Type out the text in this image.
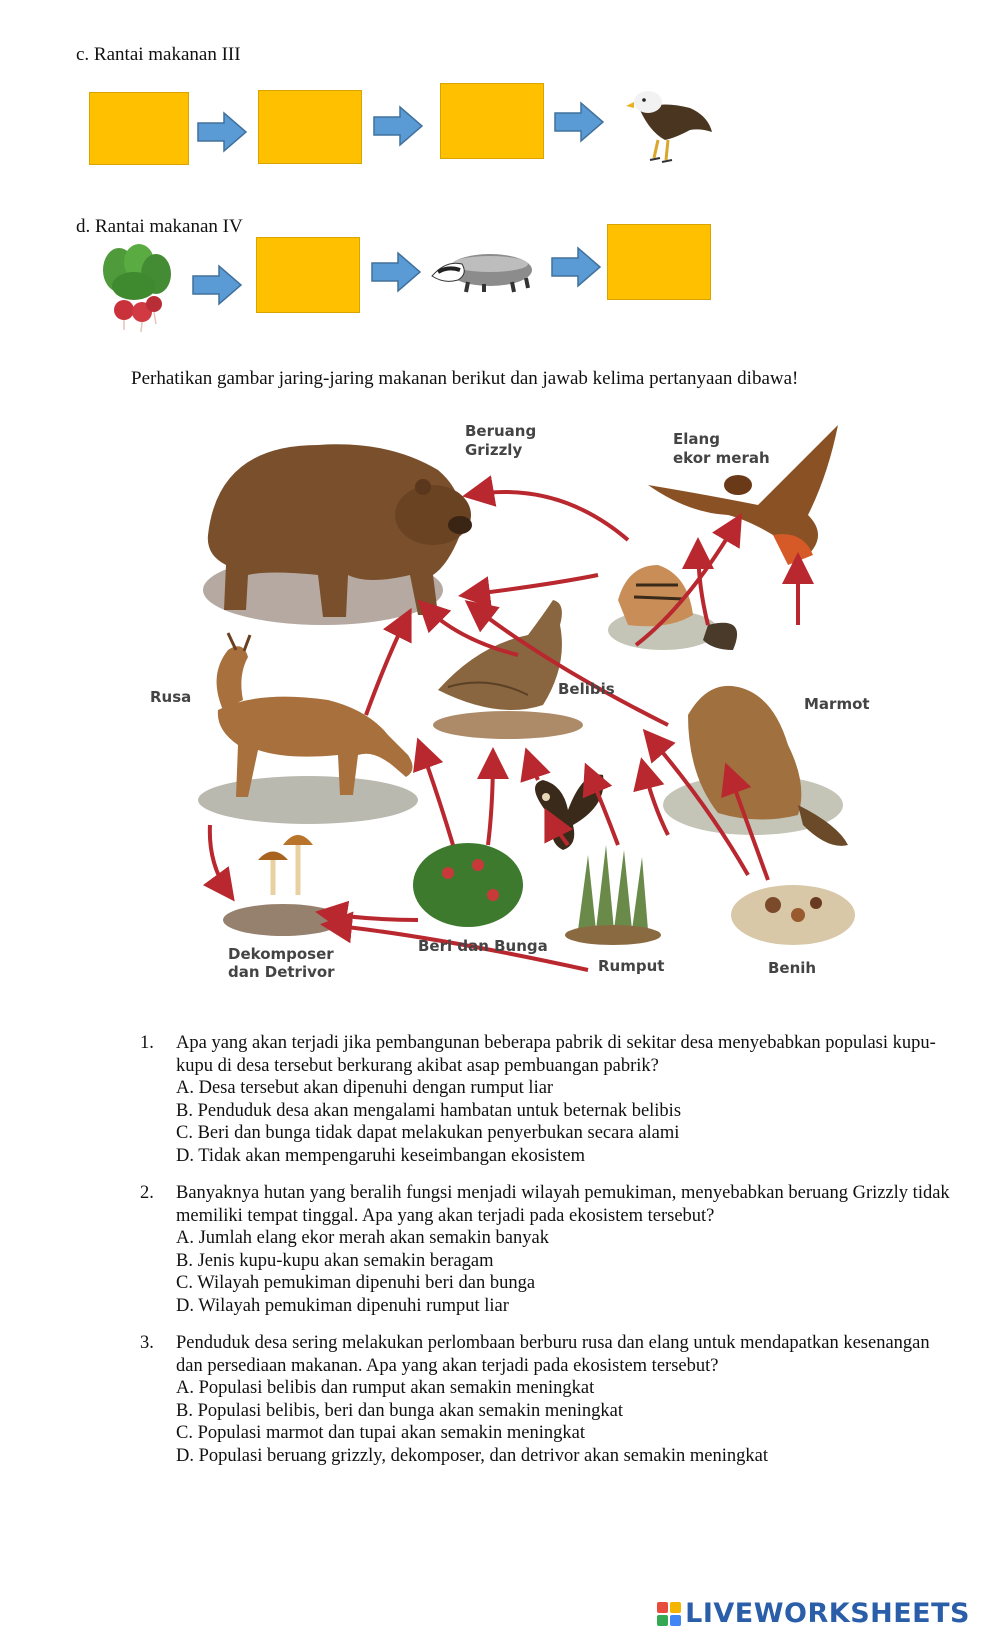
c. Rantai makanan III
d. Rantai makanan IV
Perhatikan gambar jaring-jaring makanan berikut dan jawab kelima pertanyaan dibawa!
Beruang
Grizzly
Elang
ekor merah
Rusa	Belibis
Marmot
Dekomposer
dan Detrivor
Beri dan Bunga
Rumput	Benih
1. Apa yang akan terjadi jika pembangunan beberapa pabrik di sekitar desa menyebabkan populasi kupu-kupu di desa tersebut berkurang akibat asap pembuangan pabrik?
A. Desa tersebut akan dipenuhi dengan rumput liar
B. Penduduk desa akan mengalami hambatan untuk beternak belibis
C. Beri dan bunga tidak dapat melakukan penyerbukan secara alami
D. Tidak akan mempengaruhi keseimbangan ekosistem
2. Banyaknya hutan yang beralih fungsi menjadi wilayah pemukiman, menyebabkan beruang Grizzly tidak memiliki tempat tinggal. Apa yang akan terjadi pada ekosistem tersebut?
A. Jumlah elang ekor merah akan semakin banyak
B. Jenis kupu-kupu akan semakin beragam
C. Wilayah pemukiman dipenuhi beri dan bunga
D. Wilayah pemukiman dipenuhi rumput liar
3. Penduduk desa sering melakukan perlombaan berburu rusa dan elang untuk mendapatkan kesenangan dan persediaan makanan. Apa yang akan terjadi pada ekosistem tersebut?
A. Populasi belibis dan rumput akan semakin meningkat
B. Populasi belibis, beri dan bunga akan semakin meningkat
C. Populasi marmot dan tupai akan semakin meningkat
D. Populasi beruang grizzly, dekomposer, dan detrivor akan semakin meningkat
LIVEWORKSHEETS
